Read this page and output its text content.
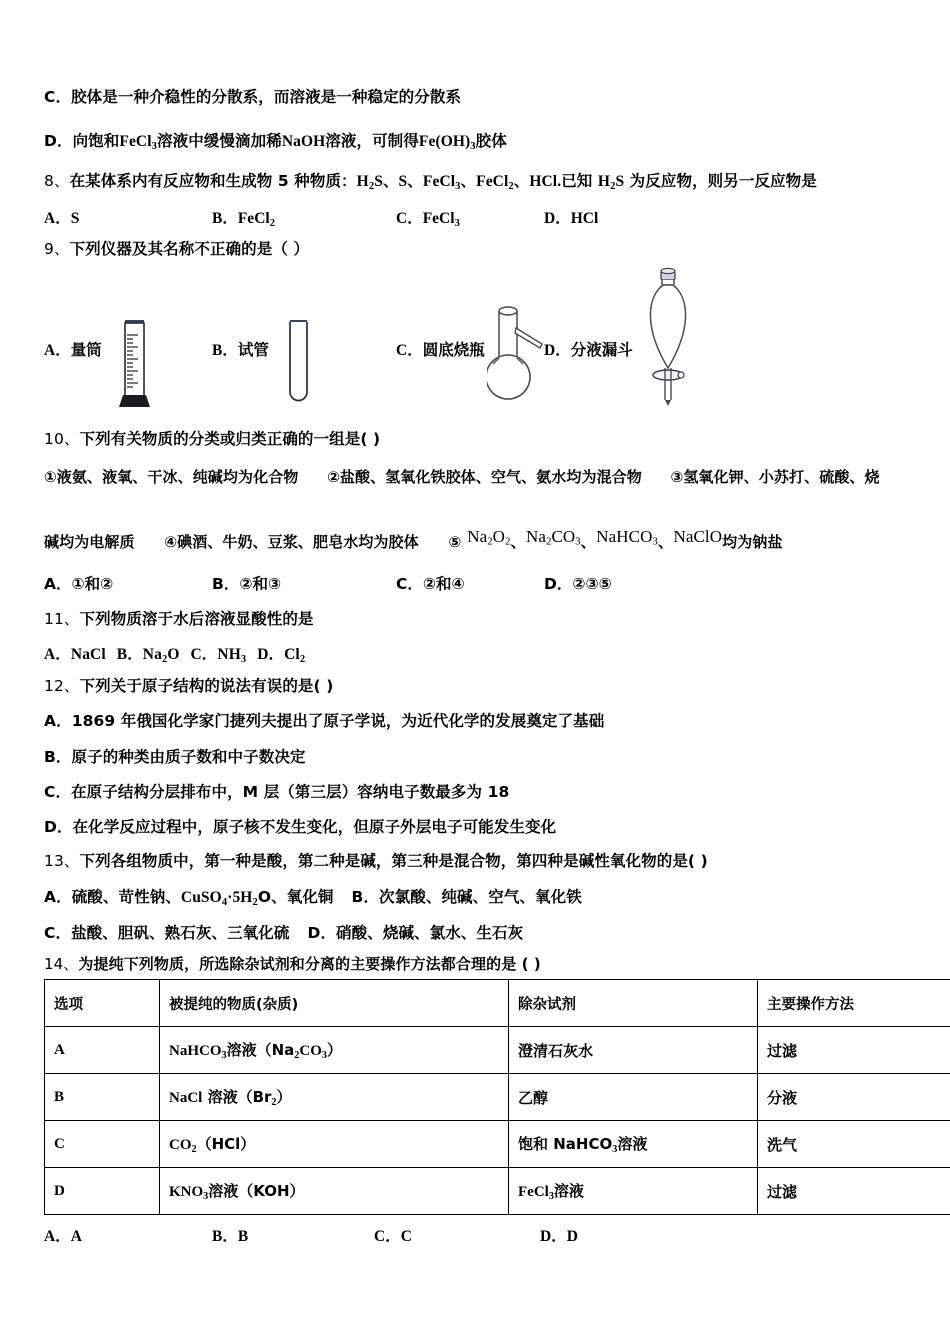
C．胶体是一种介稳性的分散系，而溶液是一种稳定的分散系
D．向饱和FeCl$_3$溶液中缓慢滴加稀NaOH溶液，可制得$Fe(OH)_3$胶体
8、在某体系内有反应物和生成物 5 种物质：$H_2S$、S、FeCl$_3$、FeCl$_2$、HCl.已知 $H_2S$ 为反应物，则另一反应物是
A．S	B．FeCl$_2$	C．FeCl$_3$	D．HCl
9、下列仪器及其名称不正确的是（ ）
A．量筒	B．试管	C．圆底烧瓶	D．分液漏斗
10、下列有关物质的分类或归类正确的一组是( )
①液氨、液氧、干冰、纯碱均为化合物 ②盐酸、氢氧化铁胶体、空气、氨水均为混合物 ③氢氧化钾、小苏打、硫酸、烧
碱均为电解质 ④碘酒、牛奶、豆浆、肥皂水均为胶体 ⑤ $Na_2O_2$、$Na_2CO_3$、NaHCO$_3$、NaClO均为钠盐
A．①和②	B．②和③	C．②和④	D．②③⑤
11、下列物质溶于水后溶液显酸性的是
A．NaCl B．$Na_2O$ C．$NH_3$ D．$Cl_2$
12、下列关于原子结构的说法有误的是( )
A．1869 年俄国化学家门捷列夫提出了原子学说，为近代化学的发展奠定了基础
B．原子的种类由质子数和中子数决定
C．在原子结构分层排布中，M 层（第三层）容纳电子数最多为 18
D．在化学反应过程中，原子核不发生变化，但原子外层电子可能发生变化
13、下列各组物质中，第一种是酸，第二种是碱，第三种是混合物，第四种是碱性氧化物的是( )
A．硫酸、苛性钠、$CuSO_4\cdot 5H_2O$、氧化铜 B．次氯酸、纯碱、空气、氧化铁
C．盐酸、胆矾、熟石灰、三氧化硫 D．硝酸、烧碱、氯水、生石灰
14、为提纯下列物质，所选除杂试剂和分离的主要操作方法都合理的是 ( )
选项	被提纯的物质(杂质)	除杂试剂	主要操作方法
A	NaHCO$_3$溶液$(Na_2CO_3)$	澄清石灰水	过滤
B	NaCl 溶液$(Br_2)$	乙醇	分液
C	$CO_2(HCl)$	饱和 NaHCO$_3$溶液	洗气
D	$KNO_3$溶液（KOH）	FeCl$_3$溶液	过滤
A．A	B．B	C．C	D．D
